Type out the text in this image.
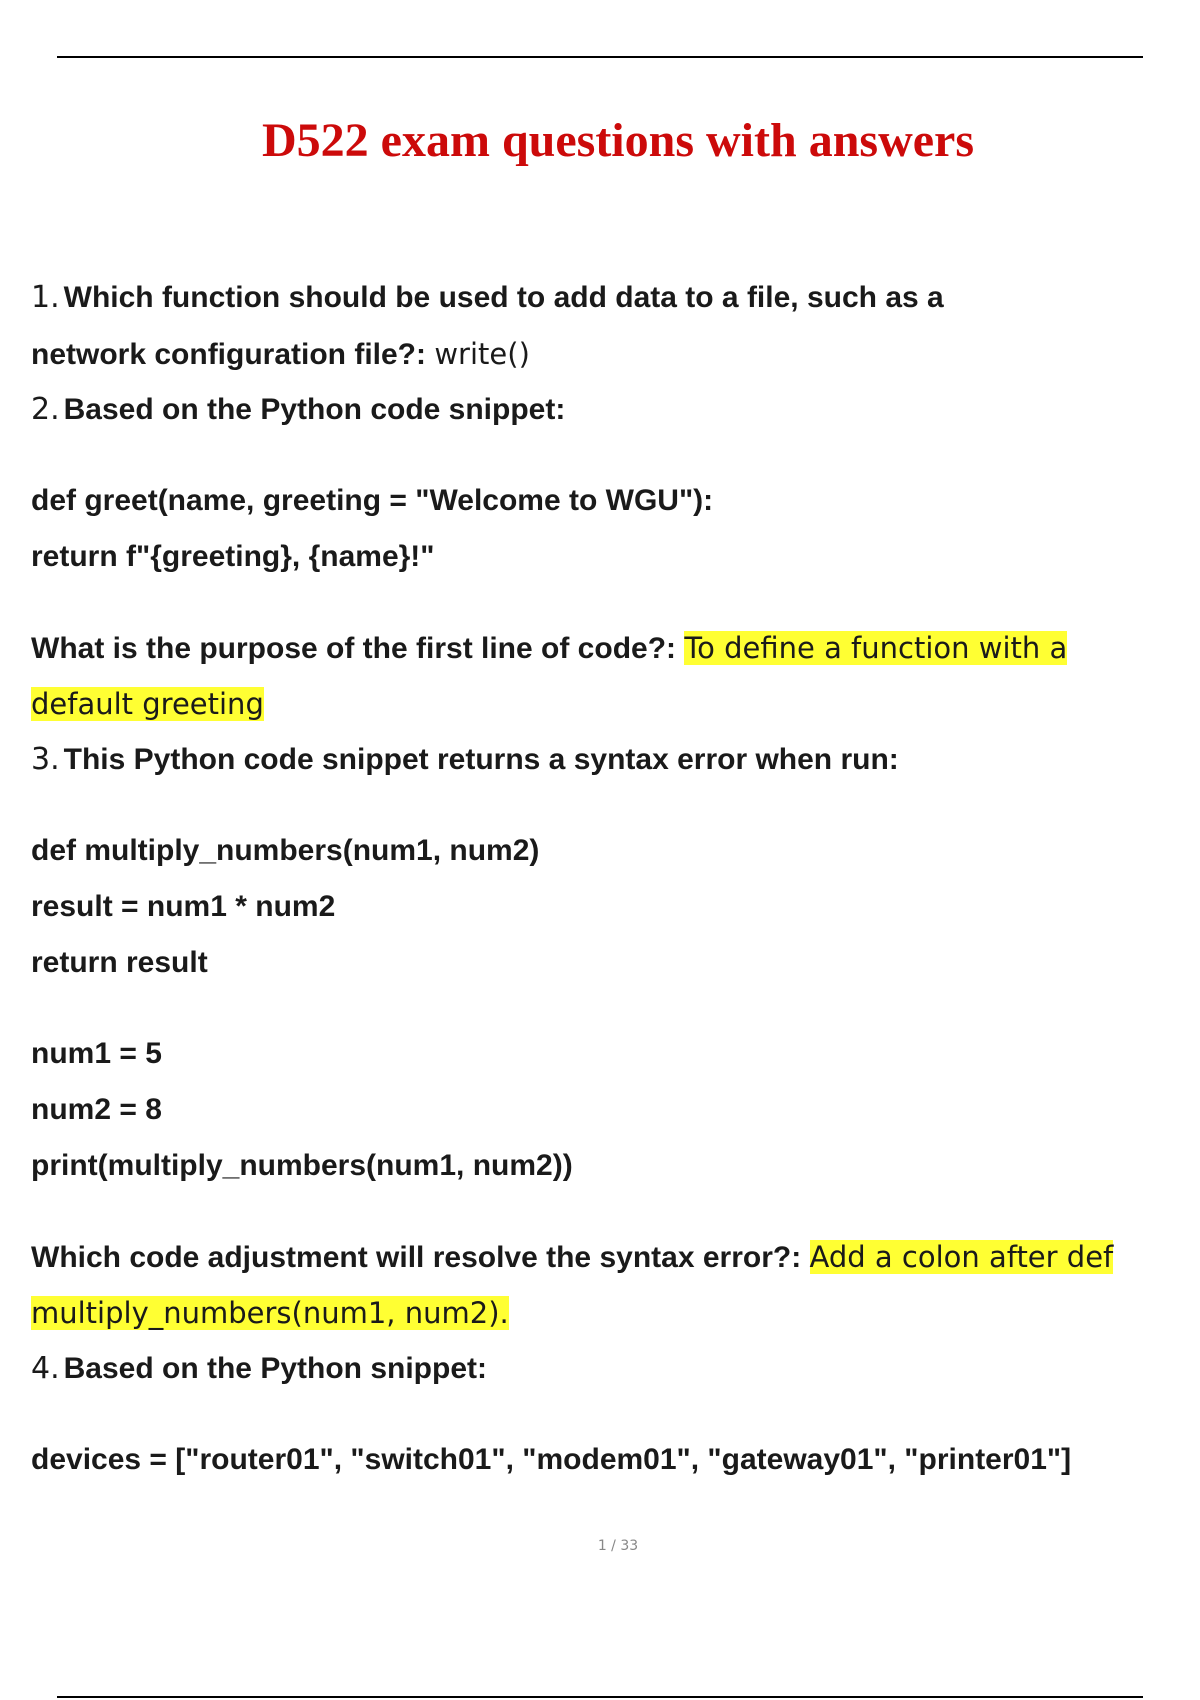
D522 exam questions with answers
1. Which function should be used to add data to a file, such as a
network configuration file?: write()
2. Based on the Python code snippet:
def greet(name, greeting = "Welcome to WGU"):
return f"{greeting}, {name}!"
What is the purpose of the first line of code?: To define a function with a
default greeting
3. This Python code snippet returns a syntax error when run:
def multiply_numbers(num1, num2)
result = num1 * num2
return result
num1 = 5
num2 = 8
print(multiply_numbers(num1, num2))
Which code adjustment will resolve the syntax error?: Add a colon after def
multiply_numbers(num1, num2).
4. Based on the Python snippet:
devices = ["router01", "switch01", "modem01", "gateway01", "printer01"]
1 / 33
